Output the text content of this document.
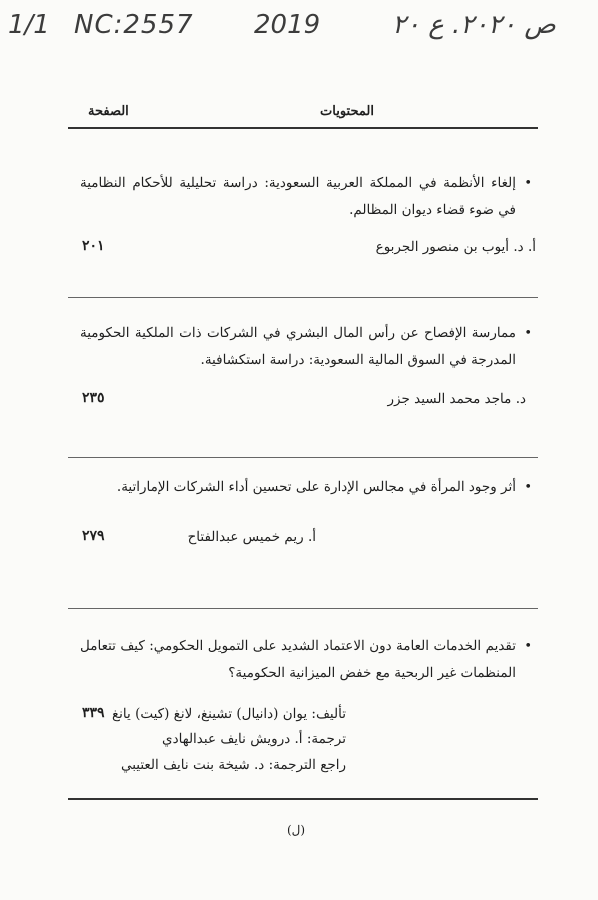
1/1 NC:2557 2019	ص ٢٠٢٠. ع ٢٠
المحتويات
الصفحة
•
إلغاء الأنظمة في المملكة العربية السعودية: دراسة تحليلية للأحكام النظامية في ضوء قضاء ديوان المظالم.
أ. د. أيوب بن منصور الجربوع
٢٠١
•
ممارسة الإفصاح عن رأس المال البشري في الشركات ذات الملكية الحكومية المدرجة في السوق المالية السعودية: دراسة استكشافية.
د. ماجد محمد السيد جزر
٢٣٥
•
أثر وجود المرأة في مجالس الإدارة على تحسين أداء الشركات الإماراتية.
أ. ريم خميس عبدالفتاح
٢٧٩
•
تقديم الخدمات العامة دون الاعتماد الشديد على التمويل الحكومي: كيف تتعامل المنظمات غير الربحية مع خفض الميزانية الحكومية؟
تأليف: يوان (دانيال) تشينغ، لانغ (كيت) يانغ
ترجمة: أ. درويش نايف عبدالهادي
راجع الترجمة: د. شيخة بنت نايف العتيبي
٣٣٩
(ل)
